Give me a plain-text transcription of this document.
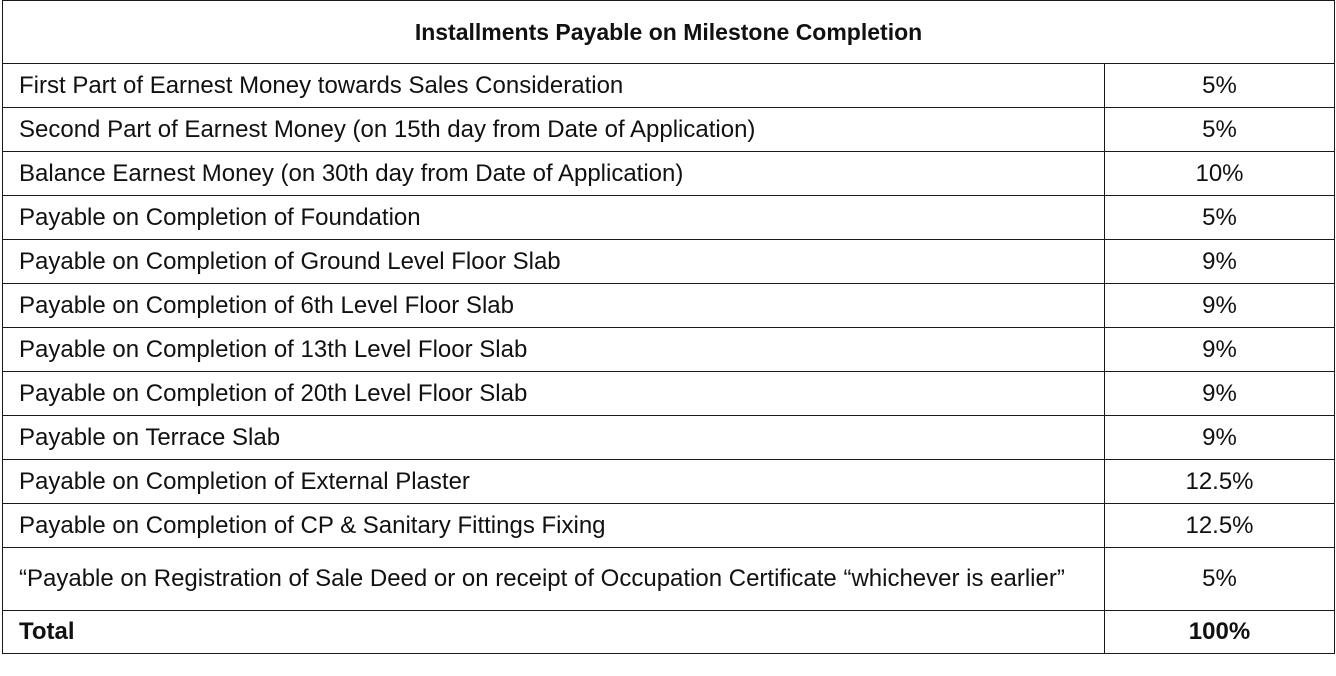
Installments Payable on Milestone Completion	
First Part of Earnest Money towards Sales Consideration	5%
Second Part of Earnest Money (on 15th day from Date of Application)	5%
Balance Earnest Money (on 30th day from Date of Application)	10%
Payable on Completion of Foundation	5%
Payable on Completion of Ground Level Floor Slab	9%
Payable on Completion of 6th Level Floor Slab	9%
Payable on Completion of 13th Level Floor Slab	9%
Payable on Completion of 20th Level Floor Slab	9%
Payable on Terrace Slab	9%
Payable on Completion of External Plaster	12.5%
Payable on Completion of CP & Sanitary Fittings Fixing	12.5%
“Payable on Registration of Sale Deed or on receipt of Occupation Certificate “whichever is earlier”	5%
Total	100%
